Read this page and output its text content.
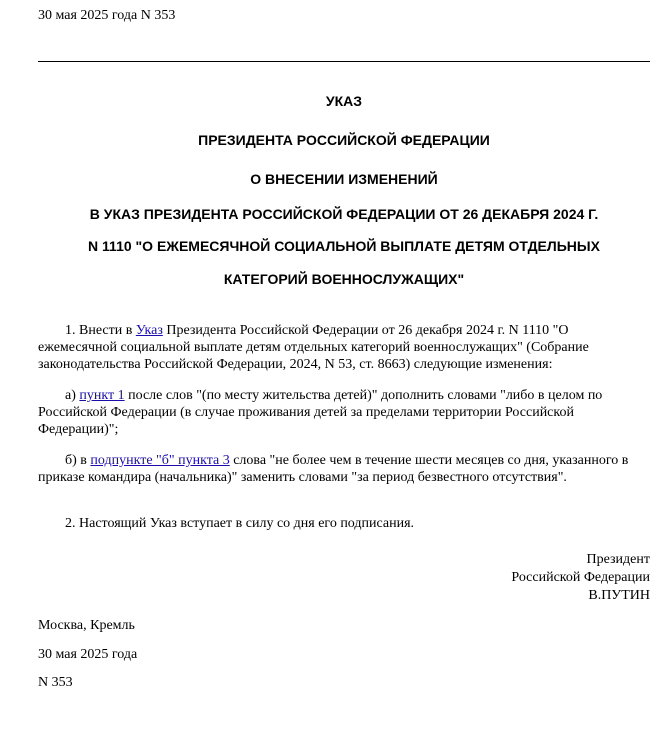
30 мая 2025 года N 353
УКАЗ
ПРЕЗИДЕНТА РОССИЙСКОЙ ФЕДЕРАЦИИ
О ВНЕСЕНИИ ИЗМЕНЕНИЙ
В УКАЗ ПРЕЗИДЕНТА РОССИЙСКОЙ ФЕДЕРАЦИИ ОТ 26 ДЕКАБРЯ 2024 Г.
N 1110 "О ЕЖЕМЕСЯЧНОЙ СОЦИАЛЬНОЙ ВЫПЛАТЕ ДЕТЯМ ОТДЕЛЬНЫХ
КАТЕГОРИЙ ВОЕННОСЛУЖАЩИХ"
1. Внести в Указ Президента Российской Федерации от 26 декабря 2024 г. N 1110 "О ежемесячной социальной выплате детям отдельных категорий военнослужащих" (Собрание законодательства Российской Федерации, 2024, N 53, ст. 8663) следующие изменения:
а) пункт 1 после слов "(по месту жительства детей)" дополнить словами "либо в целом по Российской Федерации (в случае проживания детей за пределами территории Российской Федерации)";
б) в подпункте "б" пункта 3 слова "не более чем в течение шести месяцев со дня, указанного в приказе командира (начальника)" заменить словами "за период безвестного отсутствия".
2. Настоящий Указ вступает в силу со дня его подписания.
Президент
Российской Федерации
В.ПУТИН
Москва, Кремль
30 мая 2025 года
N 353
